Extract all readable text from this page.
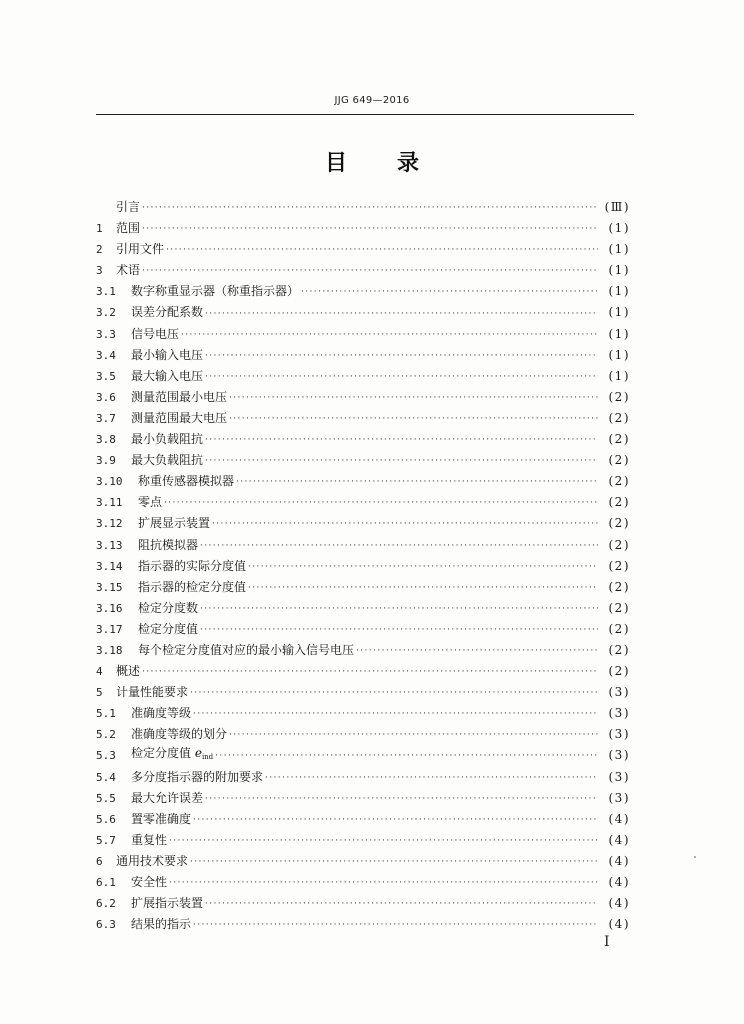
JJG 649—2016
目 录
引言 ·····	(Ⅲ)
1	范围 ·····	(1)
2	引用文件 ·····	(1)
3	术语 ·····	(1)
3.1	数字称重显示器（称重指示器） ·····	(1)
3.2	误差分配系数 ·····	(1)
3.3	信号电压 ·····	(1)
3.4	最小输入电压 ·····	(1)
3.5	最大输入电压 ·····	(1)
3.6	测量范围最小电压 ·····	(2)
3.7	测量范围最大电压 ·····	(2)
3.8	最小负载阻抗 ·····	(2)
3.9	最大负载阻抗 ·····	(2)
3.10	称重传感器模拟器 ·····	(2)
3.11	零点 ·····	(2)
3.12	扩展显示装置 ·····	(2)
3.13	阻抗模拟器 ·····	(2)
3.14	指示器的实际分度值 ·····	(2)
3.15	指示器的检定分度值 ·····	(2)
3.16	检定分度数 ·····	(2)
3.17	检定分度值 ·····	(2)
3.18	每个检定分度值对应的最小输入信号电压 ·····	(2)
4	概述 ·····	(2)
5	计量性能要求 ·····	(3)
5.1	准确度等级 ·····	(3)
5.2	准确度等级的划分 ·····	(3)
5.3	检定分度值 $e_{ind}$ ·····	(3)
5.4	多分度指示器的附加要求 ·····	(3)
5.5	最大允许误差 ·····	(3)
5.6	置零准确度 ·····	(4)
5.7	重复性 ·····	(4)
6	通用技术要求 ·····	(4)
6.1	安全性 ·····	(4)
6.2	扩展指示装置 ·····	(4)
6.3	结果的指示 ·····	(4)
I
